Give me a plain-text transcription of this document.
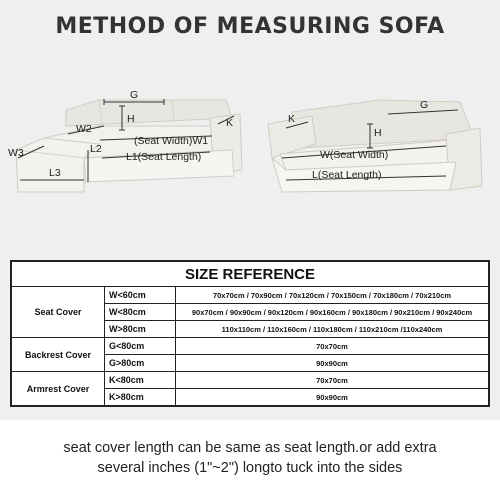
METHOD OF MEASURING SOFA
G
H	K
W2
L2
W3
L3
(Seat Width)W1
L1(Seat Length)
G
H
K
W(Seat Width)
L(Seat Length)
SIZE REFERENCE		
Seat Cover	W<60cm	70x70cm / 70x90cm / 70x120cm / 70x150cm / 70x180cm / 70x210cm
	W<80cm	90x70cm / 90x90cm / 90x120cm / 90x160cm / 90x180cm / 90x210cm / 90x240cm
	W>80cm	110x110cm / 110x160cm / 110x180cm / 110x210cm /110x240cm
Backrest Cover	G<80cm	70x70cm
	G>80cm	90x90cm
Armrest Cover	K<80cm	70x70cm
	K>80cm	90x90cm
seat cover length can be same as seat length.or add extra
several inches (1"~2") longto tuck into the sides
